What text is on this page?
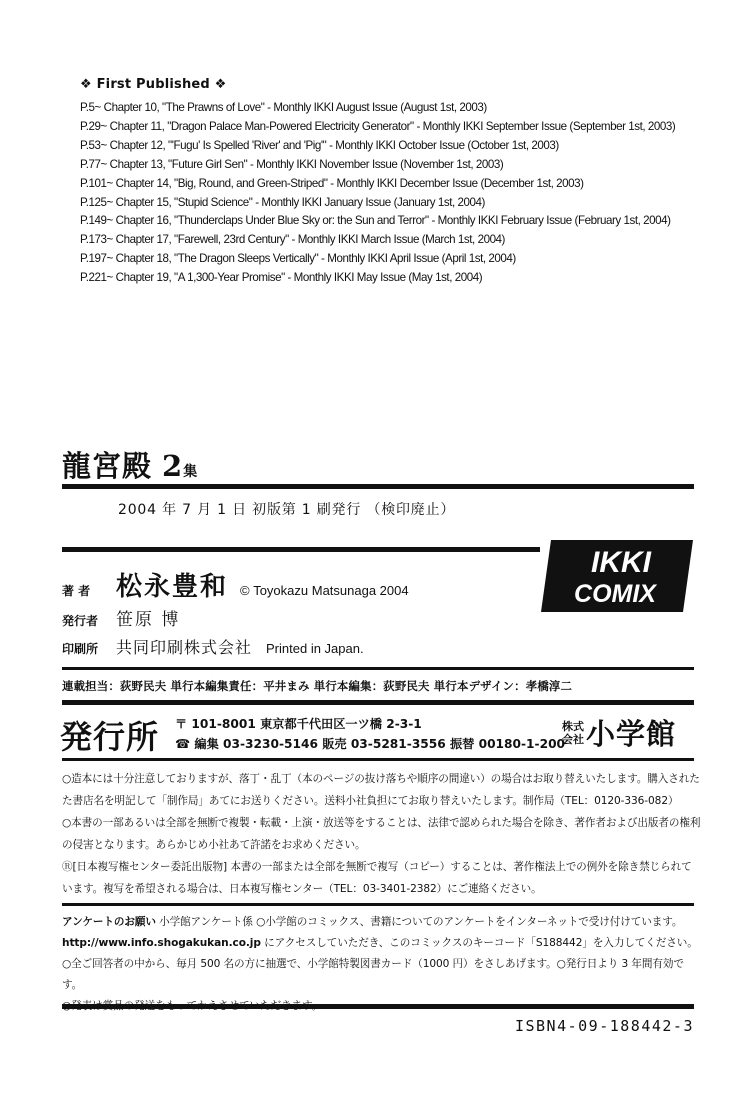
❖ First Published ❖
P.5~ Chapter 10, "The Prawns of Love" - Monthly IKKI August Issue (August 1st, 2003)
P.29~ Chapter 11, "Dragon Palace Man-Powered Electricity Generator" - Monthly IKKI September Issue (September 1st, 2003)
P.53~ Chapter 12, "'Fugu' Is Spelled 'River' and 'Pig'" - Monthly IKKI October Issue (October 1st, 2003)
P.77~ Chapter 13, "Future Girl Sen" - Monthly IKKI November Issue (November 1st, 2003)
P.101~ Chapter 14, "Big, Round, and Green-Striped" - Monthly IKKI December Issue (December 1st, 2003)
P.125~ Chapter 15, "Stupid Science" - Monthly IKKI January Issue (January 1st, 2004)
P.149~ Chapter 16, "Thunderclaps Under Blue Sky or: the Sun and Terror" - Monthly IKKI February Issue (February 1st, 2004)
P.173~ Chapter 17, "Farewell, 23rd Century" - Monthly IKKI March Issue (March 1st, 2004)
P.197~ Chapter 18, "The Dragon Sleeps Vertically" - Monthly IKKI April Issue (April 1st, 2004)
P.221~ Chapter 19, "A 1,300-Year Promise" - Monthly IKKI May Issue (May 1st, 2004)
龍宮殿 2集
2004 年 7 月 1 日 初版第 1 刷発行 （検印廃止）
IKKI
COMIX
著 者 松永豊和 © Toyokazu Matsunaga 2004
発行者 笹原 博
印刷所 共同印刷株式会社 Printed in Japan.
連載担当：荻野民夫 単行本編集責任：平井まみ 単行本編集：荻野民夫 単行本デザイン：孝橋淳二
発行所 〒 101-8001 東京都千代田区一ツ橋 2-3-1
☎ 編集 03-3230-5146 販売 03-5281-3556 振替 00180-1-200
株式
会社小学館
○造本には十分注意しておりますが、落丁・乱丁（本のページの抜け落ちや順序の間違い）の場合はお取り替えいたします。購入された
た書店名を明記して「制作局」あてにお送りください。送料小社負担にてお取り替えいたします。制作局（TEL：0120-336-082）
○本書の一部あるいは全部を無断で複製・転載・上演・放送等をすることは、法律で認められた場合を除き、著作者および出版者の権利
の侵害となります。あらかじめ小社あて許諾をお求めください。
Ⓡ[日本複写権センター委託出版物] 本書の一部または全部を無断で複写（コピー）することは、著作権法上での例外を除き禁じられて
います。複写を希望される場合は、日本複写権センター（TEL：03-3401-2382）にご連絡ください。
アンケートのお願い 小学館アンケート係 ○小学館のコミックス、書籍についてのアンケートをインターネットで受け付けています。
http://www.info.shogakukan.co.jp にアクセスしていただき、このコミックスのキーコード「S188442」を入力してください。
○全ご回答者の中から、毎月 500 名の方に抽選で、小学館特製図書カード（1000 円）をさしあげます。○発行日より 3 年間有効です。
ISBN4-09-188442-3
